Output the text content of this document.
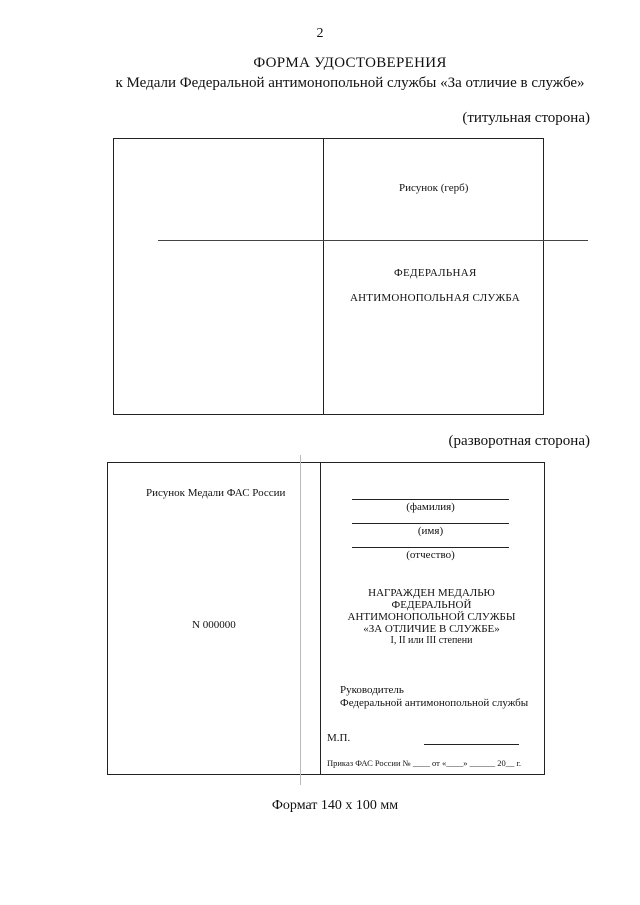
2
ФОРМА УДОСТОВЕРЕНИЯ
к Медали Федеральной антимонопольной службы «За отличие в службе»
(титульная сторона)
Рисунок (герб)
ФЕДЕРАЛЬНАЯ
АНТИМОНОПОЛЬНАЯ СЛУЖБА
(разворотная сторона)
Рисунок Медали ФАС России
N 000000
(фамилия)
(имя)
(отчество)
НАГРАЖДЕН МЕДАЛЬЮ
ФЕДЕРАЛЬНОЙ
АНТИМОНОПОЛЬНОЙ СЛУЖБЫ
«ЗА ОТЛИЧИЕ В СЛУЖБЕ»
I, II или III степени
Руководитель
Федеральной антимонопольной службы
М.П.
Приказ ФАС России № ____ от «____» ______ 20__ г.
Формат 140 х 100 мм
